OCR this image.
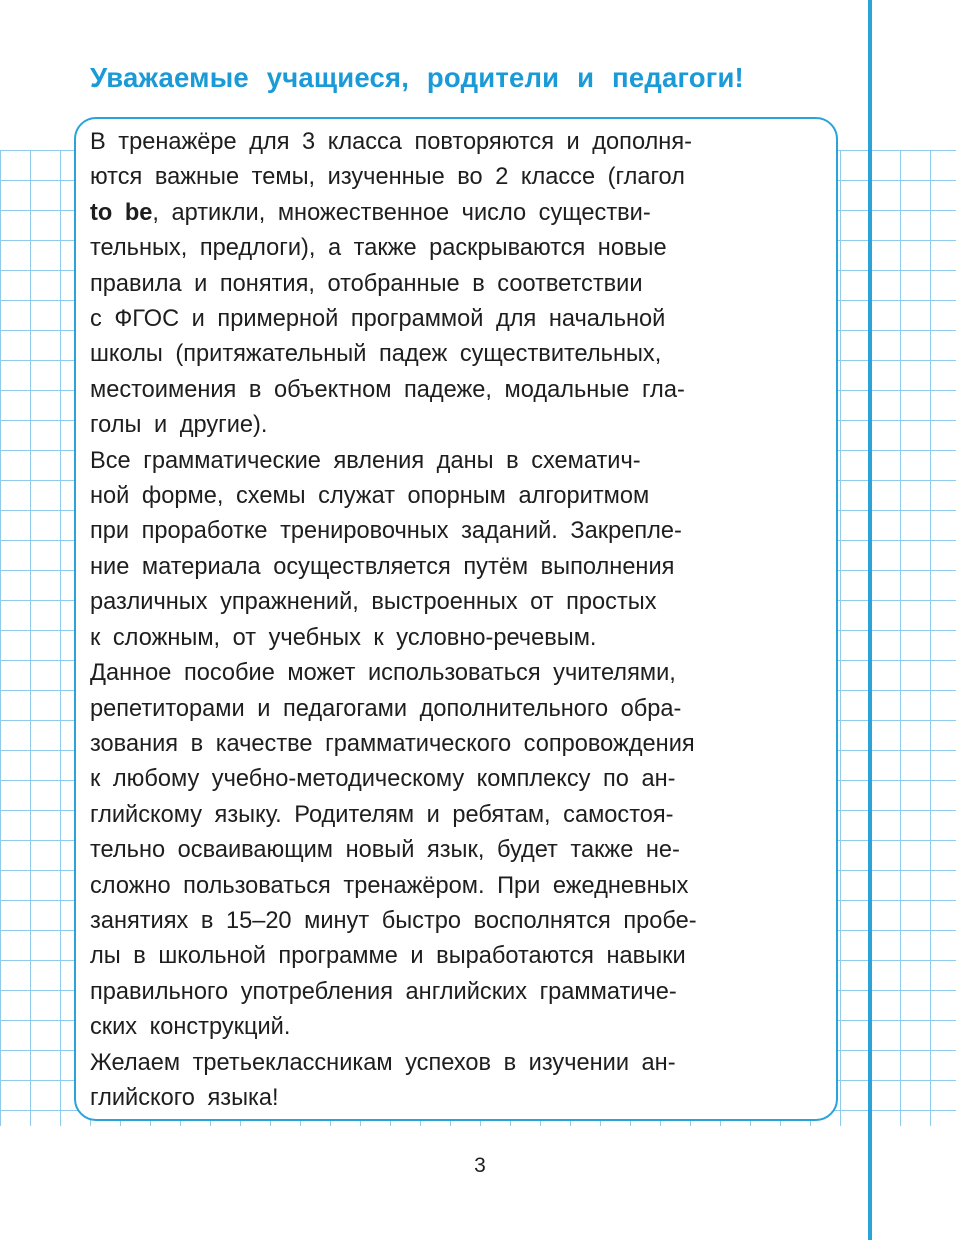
Уважаемые учащиеся, родители и педагоги!
В тренажёре для 3 класса повторяются и дополня-
ются важные темы, изученные во 2 классе (глагол
to be, артикли, множественное число существи-
тельных, предлоги), а также раскрываются новые
правила и понятия, отобранные в соответствии
с ФГОС и примерной программой для начальной
школы (притяжательный падеж существительных,
местоимения в объектном падеже, модальные гла-
голы и другие).
Все грамматические явления даны в схематич-
ной форме, схемы служат опорным алгоритмом
при проработке тренировочных заданий. Закрепле-
ние материала осуществляется путём выполнения
различных упражнений, выстроенных от простых
к сложным, от учебных к условно-речевым.
Данное пособие может использоваться учителями,
репетиторами и педагогами дополнительного обра-
зования в качестве грамматического сопровождения
к любому учебно-методическому комплексу по ан-
глийскому языку. Родителям и ребятам, самостоя-
тельно осваивающим новый язык, будет также не-
сложно пользоваться тренажёром. При ежедневных
занятиях в 15–20 минут быстро восполнятся пробе-
лы в школьной программе и выработаются навыки
правильного употребления английских грамматиче-
ских конструкций.
Желаем третьеклассникам успехов в изучении ан-
глийского языка!
3
